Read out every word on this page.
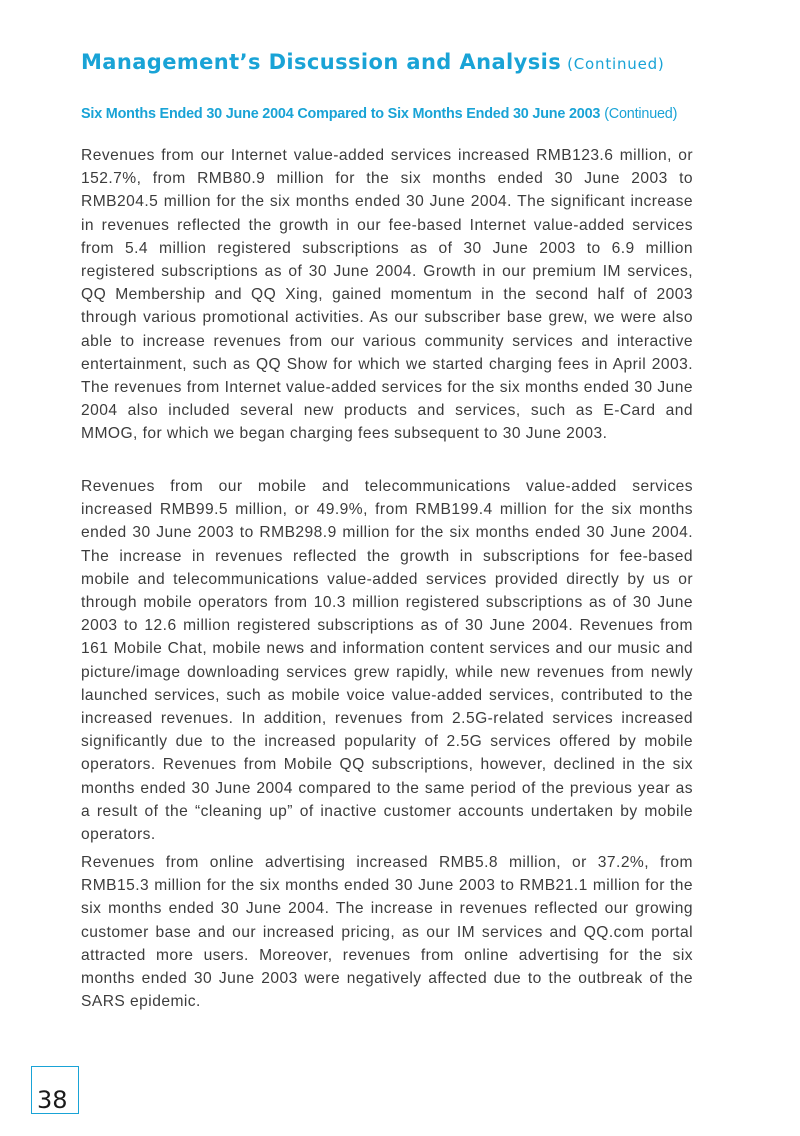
Management’s Discussion and Analysis (Continued)
Six Months Ended 30 June 2004 Compared to Six Months Ended 30 June 2003 (Continued)

Revenues from our Internet value-added services increased RMB123.6 million, or 152.7%, from RMB80.9 million for the six months ended 30 June 2003 to RMB204.5 million for the six months ended 30 June 2004. The significant increase in revenues reflected the growth in our fee-based Internet value-added services from 5.4 million registered subscriptions as of 30 June 2003 to 6.9 million registered subscriptions as of 30 June 2004. Growth in our premium IM services, QQ Membership and QQ Xing, gained momentum in the second half of 2003 through various promotional activities. As our subscriber base grew, we were also able to increase revenues from our various community services and interactive entertainment, such as QQ Show for which we started charging fees in April 2003. The revenues from Internet value-added services for the six months ended 30 June 2004 also included several new products and services, such as E-Card and MMOG, for which we began charging fees subsequent to 30 June 2003.

Revenues from our mobile and telecommunications value-added services increased RMB99.5 million, or 49.9%, from RMB199.4 million for the six months ended 30 June 2003 to RMB298.9 million for the six months ended 30 June 2004. The increase in revenues reflected the growth in subscriptions for fee-based mobile and telecommunications value-added services provided directly by us or through mobile operators from 10.3 million registered subscriptions as of 30 June 2003 to 12.6 million registered subscriptions as of 30 June 2004. Revenues from 161 Mobile Chat, mobile news and information content services and our music and picture/image downloading services grew rapidly, while new revenues from newly launched services, such as mobile voice value-added services, contributed to the increased revenues. In addition, revenues from 2.5G-related services increased significantly due to the increased popularity of 2.5G services offered by mobile operators. Revenues from Mobile QQ subscriptions, however, declined in the six months ended 30 June 2004 compared to the same period of the previous year as a result of the “cleaning up” of inactive customer accounts undertaken by mobile operators.

Revenues from online advertising increased RMB5.8 million, or 37.2%, from RMB15.3 million for the six months ended 30 June 2003 to RMB21.1 million for the six months ended 30 June 2004. The increase in revenues reflected our growing customer base and our increased pricing, as our IM services and QQ.com portal attracted more users. Moreover, revenues from online advertising for the six months ended 30 June 2003 were negatively affected due to the outbreak of the SARS epidemic.

38
